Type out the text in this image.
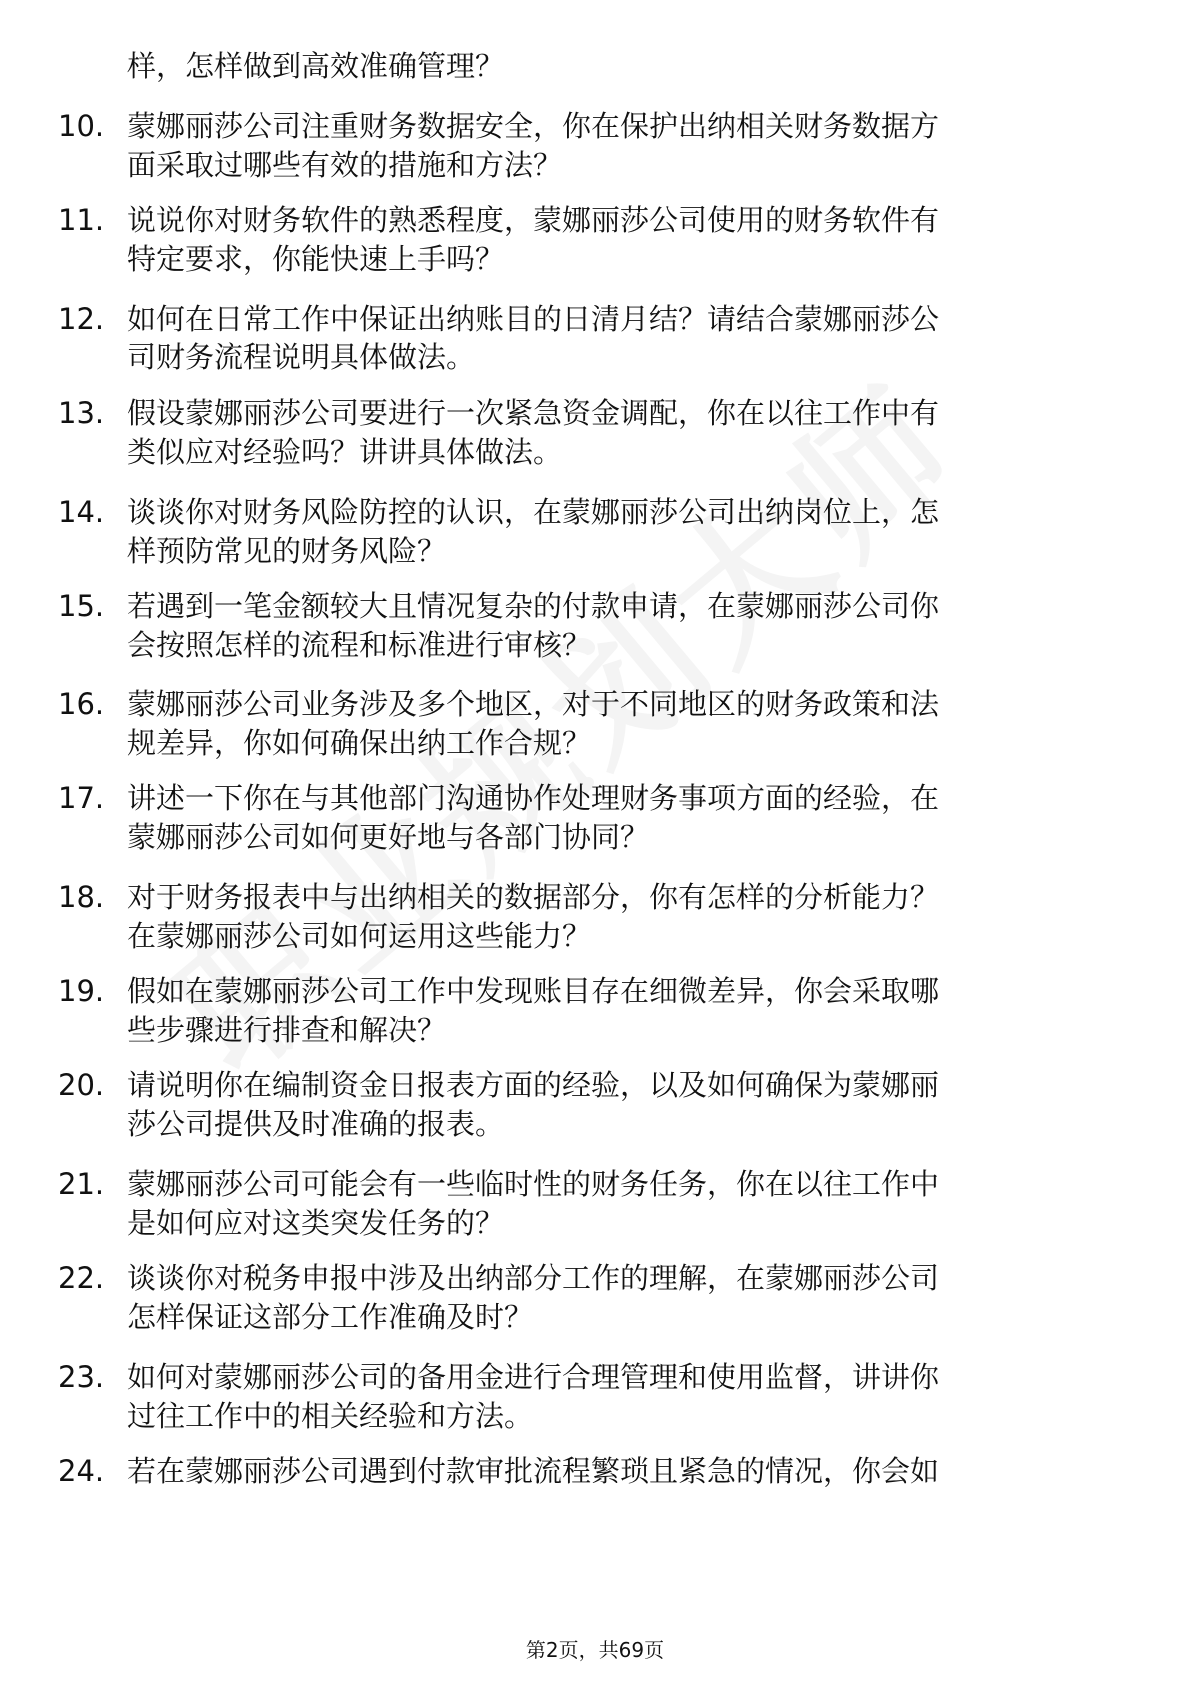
样，怎样做到高效准确管理？
10. 蒙娜丽莎公司注重财务数据安全，你在保护出纳相关财务数据方
面采取过哪些有效的措施和方法？
11. 说说你对财务软件的熟悉程度，蒙娜丽莎公司使用的财务软件有
特定要求，你能快速上手吗？
12. 如何在日常工作中保证出纳账目的日清月结？请结合蒙娜丽莎公
司财务流程说明具体做法。
13. 假设蒙娜丽莎公司要进行一次紧急资金调配，你在以往工作中有
类似应对经验吗？讲讲具体做法。
14. 谈谈你对财务风险防控的认识，在蒙娜丽莎公司出纳岗位上，怎
样预防常见的财务风险？
15. 若遇到一笔金额较大且情况复杂的付款申请，在蒙娜丽莎公司你
会按照怎样的流程和标准进行审核？
16. 蒙娜丽莎公司业务涉及多个地区，对于不同地区的财务政策和法
规差异，你如何确保出纳工作合规？
17. 讲述一下你在与其他部门沟通协作处理财务事项方面的经验，在
蒙娜丽莎公司如何更好地与各部门协同？
18. 对于财务报表中与出纳相关的数据部分，你有怎样的分析能力？
在蒙娜丽莎公司如何运用这些能力？
19. 假如在蒙娜丽莎公司工作中发现账目存在细微差异，你会采取哪
些步骤进行排查和解决？
20. 请说明你在编制资金日报表方面的经验，以及如何确保为蒙娜丽
莎公司提供及时准确的报表。
21. 蒙娜丽莎公司可能会有一些临时性的财务任务，你在以往工作中
是如何应对这类突发任务的？
22. 谈谈你对税务申报中涉及出纳部分工作的理解，在蒙娜丽莎公司
怎样保证这部分工作准确及时？
23. 如何对蒙娜丽莎公司的备用金进行合理管理和使用监督，讲讲你
过往工作中的相关经验和方法。
24. 若在蒙娜丽莎公司遇到付款审批流程繁琐且紧急的情况，你会如
第2页，共69页
